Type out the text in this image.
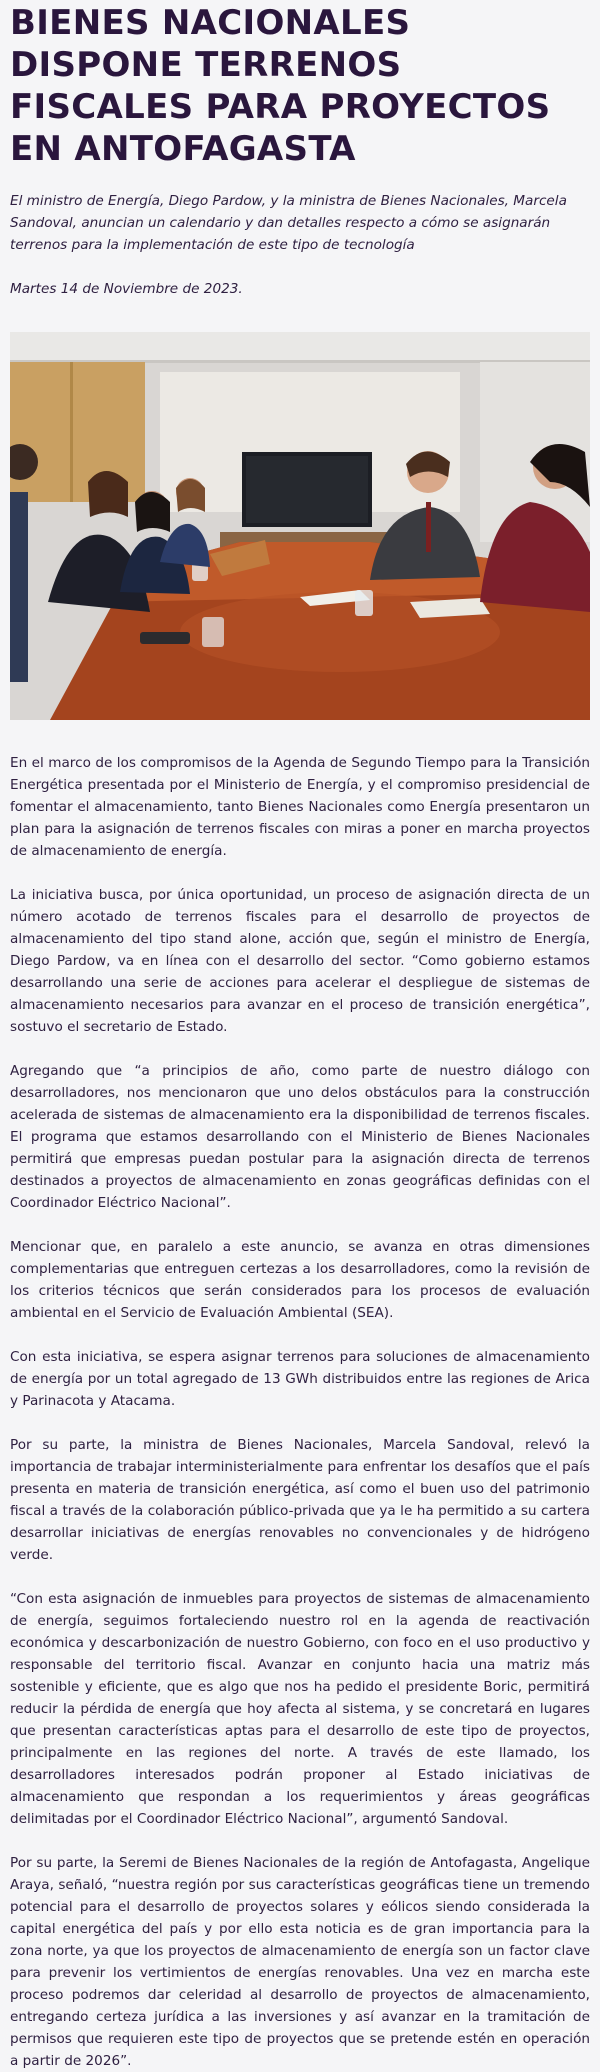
BIENES NACIONALES DISPONE TERRENOS FISCALES PARA PROYECTOS EN ANTOFAGASTA

El ministro de Energía, Diego Pardow, y la ministra de Bienes Nacionales, Marcela Sandoval, anuncian un calendario y dan detalles respecto a cómo se asignarán terrenos para la implementación de este tipo de tecnología

Martes 14 de Noviembre de 2023.

En el marco de los compromisos de la Agenda de Segundo Tiempo para la Transición Energética presentada por el Ministerio de Energía, y el compromiso presidencial de fomentar el almacenamiento, tanto Bienes Nacionales como Energía presentaron un plan para la asignación de terrenos fiscales con miras a poner en marcha proyectos de almacenamiento de energía.

La iniciativa busca, por única oportunidad, un proceso de asignación directa de un número acotado de terrenos fiscales para el desarrollo de proyectos de almacenamiento del tipo stand alone, acción que, según el ministro de Energía, Diego Pardow, va en línea con el desarrollo del sector. “Como gobierno estamos desarrollando una serie de acciones para acelerar el despliegue de sistemas de almacenamiento necesarios para avanzar en el proceso de transición energética”, sostuvo el secretario de Estado.

Agregando que “a principios de año, como parte de nuestro diálogo con desarrolladores, nos mencionaron que uno delos obstáculos para la construcción acelerada de sistemas de almacenamiento era la disponibilidad de terrenos fiscales. El programa que estamos desarrollando con el Ministerio de Bienes Nacionales permitirá que empresas puedan postular para la asignación directa de terrenos destinados a proyectos de almacenamiento en zonas geográficas definidas con el Coordinador Eléctrico Nacional”.

Mencionar que, en paralelo a este anuncio, se avanza en otras dimensiones complementarias que entreguen certezas a los desarrolladores, como la revisión de los criterios técnicos que serán considerados para los procesos de evaluación ambiental en el Servicio de Evaluación Ambiental (SEA).

Con esta iniciativa, se espera asignar terrenos para soluciones de almacenamiento de energía por un total agregado de 13 GWh distribuidos entre las regiones de Arica y Parinacota y Atacama.

Por su parte, la ministra de Bienes Nacionales, Marcela Sandoval, relevó la importancia de trabajar interministerialmente para enfrentar los desafíos que el país presenta en materia de transición energética, así como el buen uso del patrimonio fiscal a través de la colaboración público-privada que ya le ha permitido a su cartera desarrollar iniciativas de energías renovables no convencionales y de hidrógeno verde.

“Con esta asignación de inmuebles para proyectos de sistemas de almacenamiento de energía, seguimos fortaleciendo nuestro rol en la agenda de reactivación económica y descarbonización de nuestro Gobierno, con foco en el uso productivo y responsable del territorio fiscal. Avanzar en conjunto hacia una matriz más sostenible y eficiente, que es algo que nos ha pedido el presidente Boric, permitirá reducir la pérdida de energía que hoy afecta al sistema, y se concretará en lugares que presentan características aptas para el desarrollo de este tipo de proyectos, principalmente en las regiones del norte. A través de este llamado, los desarrolladores interesados podrán proponer al Estado iniciativas de almacenamiento que respondan a los requerimientos y áreas geográficas delimitadas por el Coordinador Eléctrico Nacional”, argumentó Sandoval.

Por su parte, la Seremi de Bienes Nacionales de la región de Antofagasta, Angelique Araya, señaló, “nuestra región por sus características geográficas tiene un tremendo potencial para el desarrollo de proyectos solares y eólicos siendo considerada la capital energética del país y por ello esta noticia es de gran importancia para la zona norte, ya que los proyectos de almacenamiento de energía son un factor clave para prevenir los vertimientos de energías renovables. Una vez en marcha este proceso podremos dar celeridad al desarrollo de proyectos de almacenamiento, entregando certeza jurídica a las inversiones y así avanzar en la tramitación de permisos que requieren este tipo de proyectos que se pretende estén en operación a partir de 2026”.
